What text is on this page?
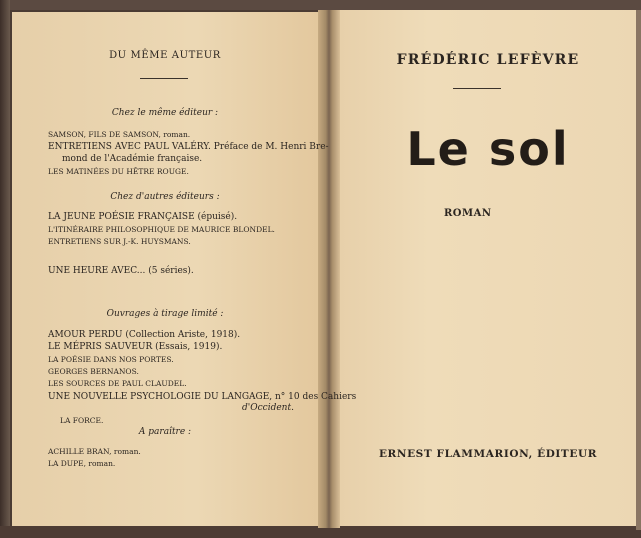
DU MÊME AUTEUR
Chez le même éditeur :
SAMSON, FILS DE SAMSON, roman.
ENTRETIENS AVEC PAUL VALÉRY. Préface de M. Henri Bre-
mond de l'Académie française.
LES MATINÉES DU HÊTRE ROUGE.
Chez d'autres éditeurs :
LA JEUNE POÉSIE FRANÇAISE (épuisé).
L'ITINÉRAIRE PHILOSOPHIQUE DE MAURICE BLONDEL.
ENTRETIENS SUR J.-K. HUYSMANS.
UNE HEURE AVEC... (5 séries).
Ouvrages à tirage limité :
AMOUR PERDU (Collection Ariste, 1918).
LE MÉPRIS SAUVEUR (Essais, 1919).
LA POÉSIE DANS NOS PORTES.
GEORGES BERNANOS.
LES SOURCES DE PAUL CLAUDEL.
UNE NOUVELLE PSYCHOLOGIE DU LANGAGE, n° 10 des Cahiers
d'Occident.
LA FORCE.
A paraître :
ACHILLE BRAN, roman.
LA DUPE, roman.
FRÉDÉRIC LEFÈVRE
Le sol
ROMAN
ERNEST FLAMMARION, ÉDITEUR
